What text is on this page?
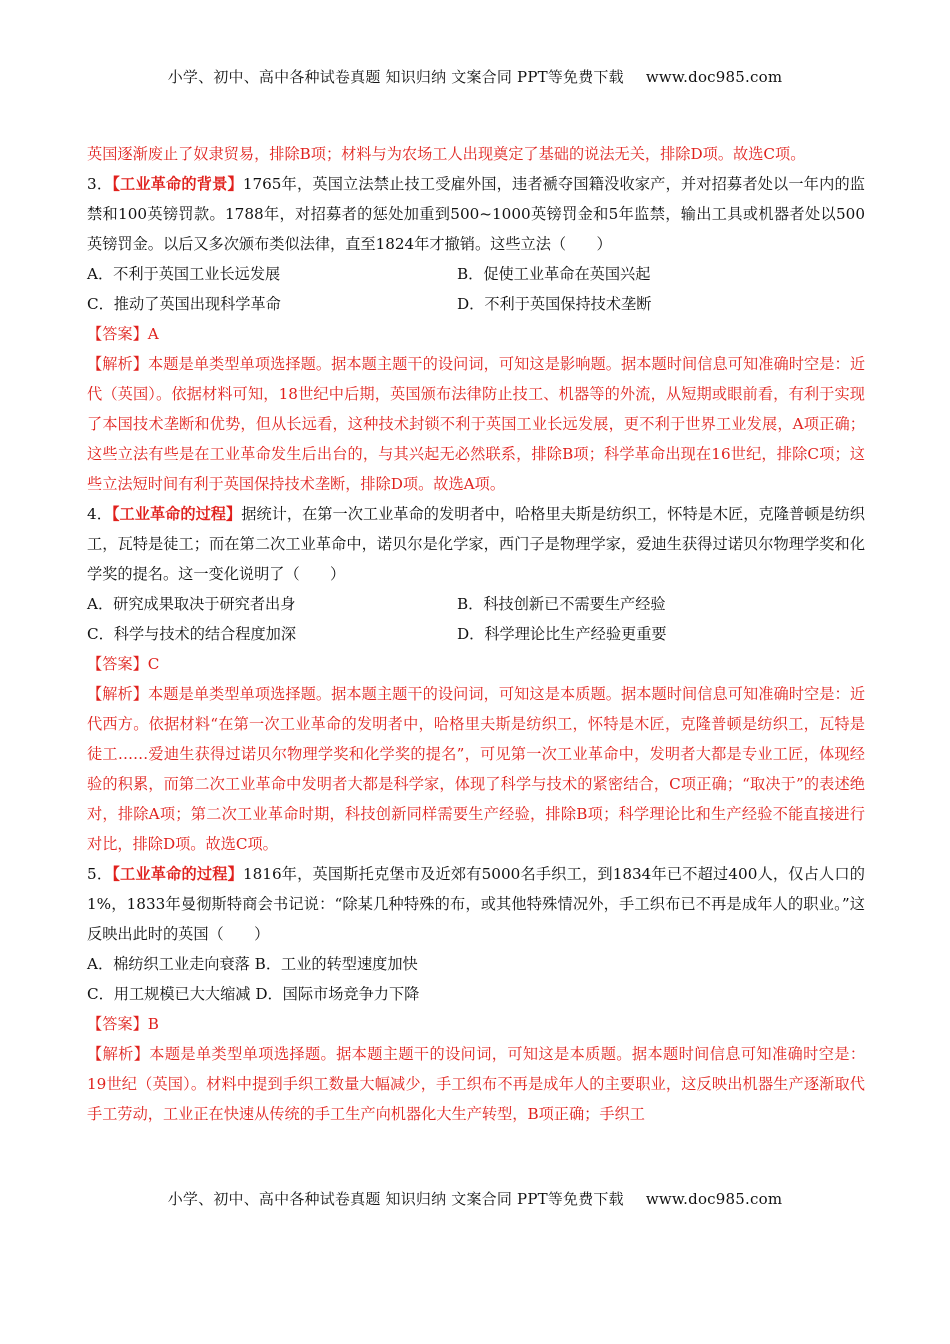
小学、初中、高中各种试卷真题 知识归纳 文案合同 PPT等免费下载 www.doc985.com

英国逐渐废止了奴隶贸易，排除B项；材料与为农场工人出现奠定了基础的说法无关，排除D项。故选C项。

3．【工业革命的背景】1765年，英国立法禁止技工受雇外国，违者褫夺国籍没收家产，并对招募者处以一年内的监禁和100英镑罚款。1788年，对招募者的惩处加重到500~1000英镑罚金和5年监禁，输出工具或机器者处以500英镑罚金。以后又多次颁布类似法律，直至1824年才撤销。这些立法（　　）

A．不利于英国工业长远发展	B．促使工业革命在英国兴起
C．推动了英国出现科学革命	D．不利于英国保持技术垄断

【答案】A

【解析】本题是单类型单项选择题。据本题主题干的设问词，可知这是影响题。据本题时间信息可知准确时空是：近代（英国）。依据材料可知，18世纪中后期，英国颁布法律防止技工、机器等的外流，从短期或眼前看，有利于实现了本国技术垄断和优势，但从长远看，这种技术封锁不利于英国工业长远发展，更不利于世界工业发展，A项正确；这些立法有些是在工业革命发生后出台的，与其兴起无必然联系，排除B项；科学革命出现在16世纪，排除C项；这些立法短时间有利于英国保持技术垄断，排除D项。故选A项。

4．【工业革命的过程】据统计，在第一次工业革命的发明者中，哈格里夫斯是纺织工，怀特是木匠，克隆普顿是纺织工，瓦特是徒工；而在第二次工业革命中，诺贝尔是化学家，西门子是物理学家，爱迪生获得过诺贝尔物理学奖和化学奖的提名。这一变化说明了（　　）

A．研究成果取决于研究者出身	B．科技创新已不需要生产经验
C．科学与技术的结合程度加深	D．科学理论比生产经验更重要

【答案】C

【解析】本题是单类型单项选择题。据本题主题干的设问词，可知这是本质题。据本题时间信息可知准确时空是：近代西方。依据材料“在第一次工业革命的发明者中，哈格里夫斯是纺织工，怀特是木匠，克隆普顿是纺织工，瓦特是徒工……爱迪生获得过诺贝尔物理学奖和化学奖的提名”，可见第一次工业革命中，发明者大都是专业工匠，体现经验的积累，而第二次工业革命中发明者大都是科学家，体现了科学与技术的紧密结合，C项正确；“取决于”的表述绝对，排除A项；第二次工业革命时期，科技创新同样需要生产经验，排除B项；科学理论比和生产经验不能直接进行对比，排除D项。故选C项。

5．【工业革命的过程】1816年，英国斯托克堡市及近郊有5000名手织工，到1834年已不超过400人，仅占人口的1%，1833年曼彻斯特商会书记说：“除某几种特殊的布，或其他特殊情况外，手工织布已不再是成年人的职业。”这反映出此时的英国（　　）

A．棉纺织工业走向衰落 B．工业的转型速度加快

C．用工规模已大大缩减 D．国际市场竞争力下降

【答案】B

【解析】本题是单类型单项选择题。据本题主题干的设问词，可知这是本质题。据本题时间信息可知准确时空是：19世纪（英国）。材料中提到手织工数量大幅减少，手工织布不再是成年人的主要职业，这反映出机器生产逐渐取代手工劳动，工业正在快速从传统的手工生产向机器化大生产转型，B项正确；手织工

小学、初中、高中各种试卷真题 知识归纳 文案合同 PPT等免费下载 www.doc985.com
